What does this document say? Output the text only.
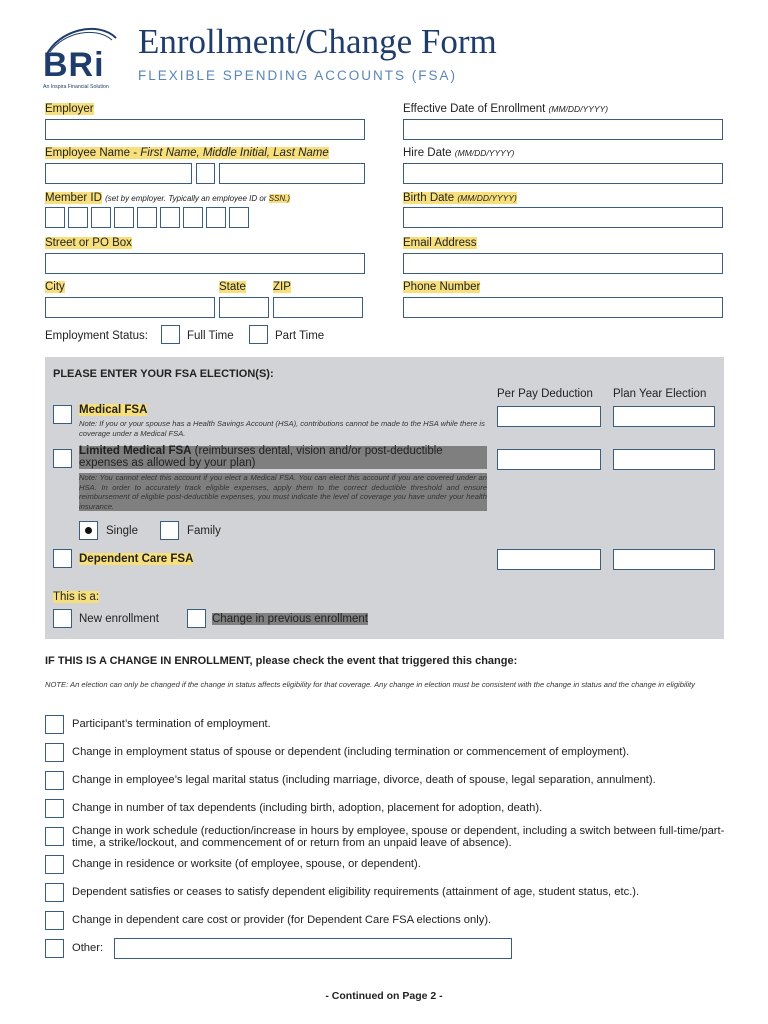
BRi
An Inspira Financial Solution
Enrollment/Change Form
FLEXIBLE SPENDING ACCOUNTS (FSA)
Employer
Employee Name - First Name, Middle Initial, Last Name
Member ID (set by employer. Typically an employee ID or SSN.)
Street or PO Box
City	State ZIP
Employment Status:	Full Time	Part Time
Effective Date of Enrollment (MM/DD/YYYY)
Hire Date (MM/DD/YYYY)
Birth Date (MM/DD/YYYY)
Email Address
Phone Number
PLEASE ENTER YOUR FSA ELECTION(S):
Per Pay Deduction Plan Year Election
Medical FSA
Note: If you or your spouse has a Health Savings Account (HSA), contributions cannot be made to the HSA while there is coverage under a Medical FSA.
Limited Medical FSA (reimburses dental, vision and/or post-deductible expenses as allowed by your plan)
Note: You cannot elect this account if you elect a Medical FSA. You can elect this account if you are covered under an HSA. In order to accurately track eligible expenses, apply them to the correct deductible threshold and ensure reimbursement of eligible post-deductible expenses, you must indicate the level of coverage you have under your health insurance.
Single	Family
Dependent Care FSA
This is a:
New enrollment	Change in previous enrollment
IF THIS IS A CHANGE IN ENROLLMENT, please check the event that triggered this change:
NOTE: An election can only be changed if the change in status affects eligibility for that coverage. Any change in election must be consistent with the change in status and the change in eligibility
Participant’s termination of employment.
Change in employment status of spouse or dependent (including termination or commencement of employment).
Change in employee’s legal marital status (including marriage, divorce, death of spouse, legal separation, annulment).
Change in number of tax dependents (including birth, adoption, placement for adoption, death).
Change in work schedule (reduction/increase in hours by employee, spouse or dependent, including a switch between full-time/part-time, a strike/lockout, and commencement of or return from an unpaid leave of absence).
Change in residence or worksite (of employee, spouse, or dependent).
Dependent satisfies or ceases to satisfy dependent eligibility requirements (attainment of age, student status, etc.).
Change in dependent care cost or provider (for Dependent Care FSA elections only).
Other:
- Continued on Page 2 -
